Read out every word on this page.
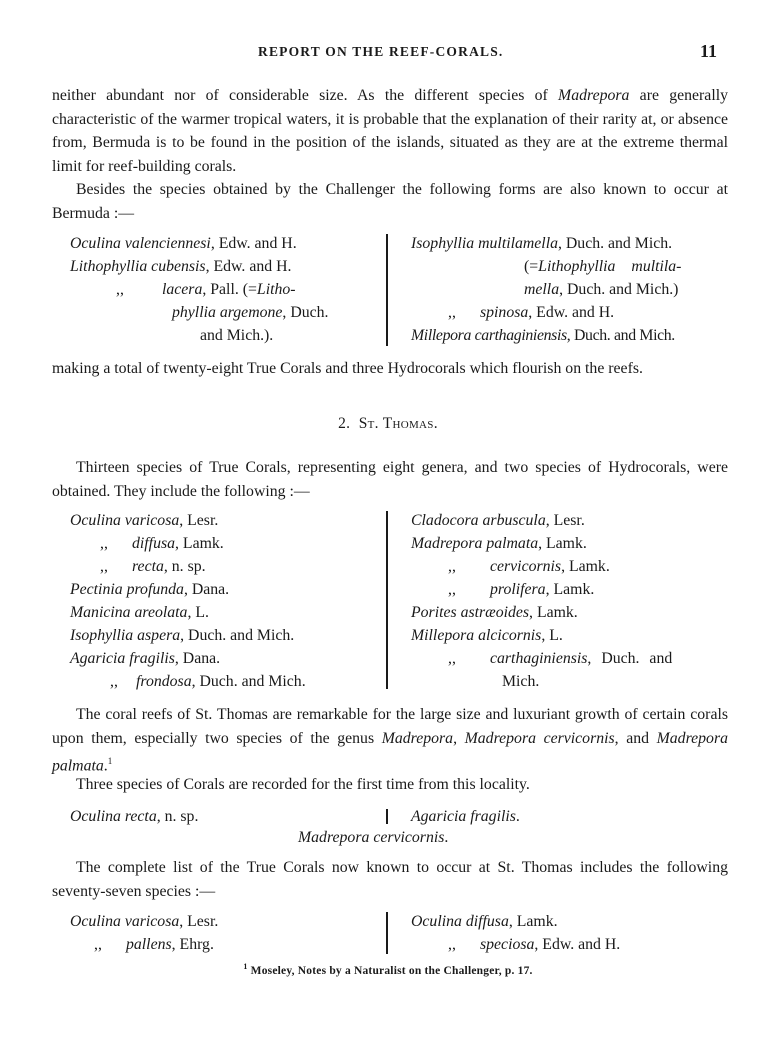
REPORT ON THE REEF-CORALS.	11

neither abundant nor of considerable size. As the different species of Madrepora are generally characteristic of the warmer tropical waters, it is probable that the explanation of their rarity at, or absence from, Bermuda is to be found in the position of the islands, situated as they are at the extreme thermal limit for reef-building corals.

Besides the species obtained by the Challenger the following forms are also known to occur at Bermuda :—

Oculina valenciennesi, Edw. and H.
Lithophyllia cubensis, Edw. and H.
,, lacera, Pall. (=Litho-
phyllia argemone, Duch.
and Mich.).
Isophyllia multilamella, Duch. and Mich.
(=Lithophyllia multila-
mella, Duch. and Mich.)
,, spinosa, Edw. and H.
Millepora carthaginiensis, Duch. and Mich.

making a total of twenty-eight True Corals and three Hydrocorals which flourish on the reefs.

2. St. Thomas.

Thirteen species of True Corals, representing eight genera, and two species of Hydrocorals, were obtained. They include the following :—

Oculina varicosa, Lesr.
,, diffusa, Lamk.
,, recta, n. sp.
Pectinia profunda, Dana.
Manicina areolata, L.
Isophyllia aspera, Duch. and Mich.
Agaricia fragilis, Dana.
,, frondosa, Duch. and Mich.
Cladocora arbuscula, Lesr.
Madrepora palmata, Lamk.
,, cervicornis, Lamk.
,, prolifera, Lamk.
Porites astræoides, Lamk.
Millepora alcicornis, L.
,, carthaginiensis, Duch. and
Mich.

The coral reefs of St. Thomas are remarkable for the large size and luxuriant growth of certain corals upon them, especially two species of the genus Madrepora, Madrepora cervicornis, and Madrepora palmata.$^1$

Three species of Corals are recorded for the first time from this locality.

Oculina recta, n. sp.	Agaricia fragilis.
Madrepora cervicornis.

The complete list of the True Corals now known to occur at St. Thomas includes the following seventy-seven species :—

Oculina varicosa, Lesr.
,, pallens, Ehrg.
Oculina diffusa, Lamk.
,, speciosa, Edw. and H.
$^1$ Moseley, Notes by a Naturalist on the Challenger, p. 17.
